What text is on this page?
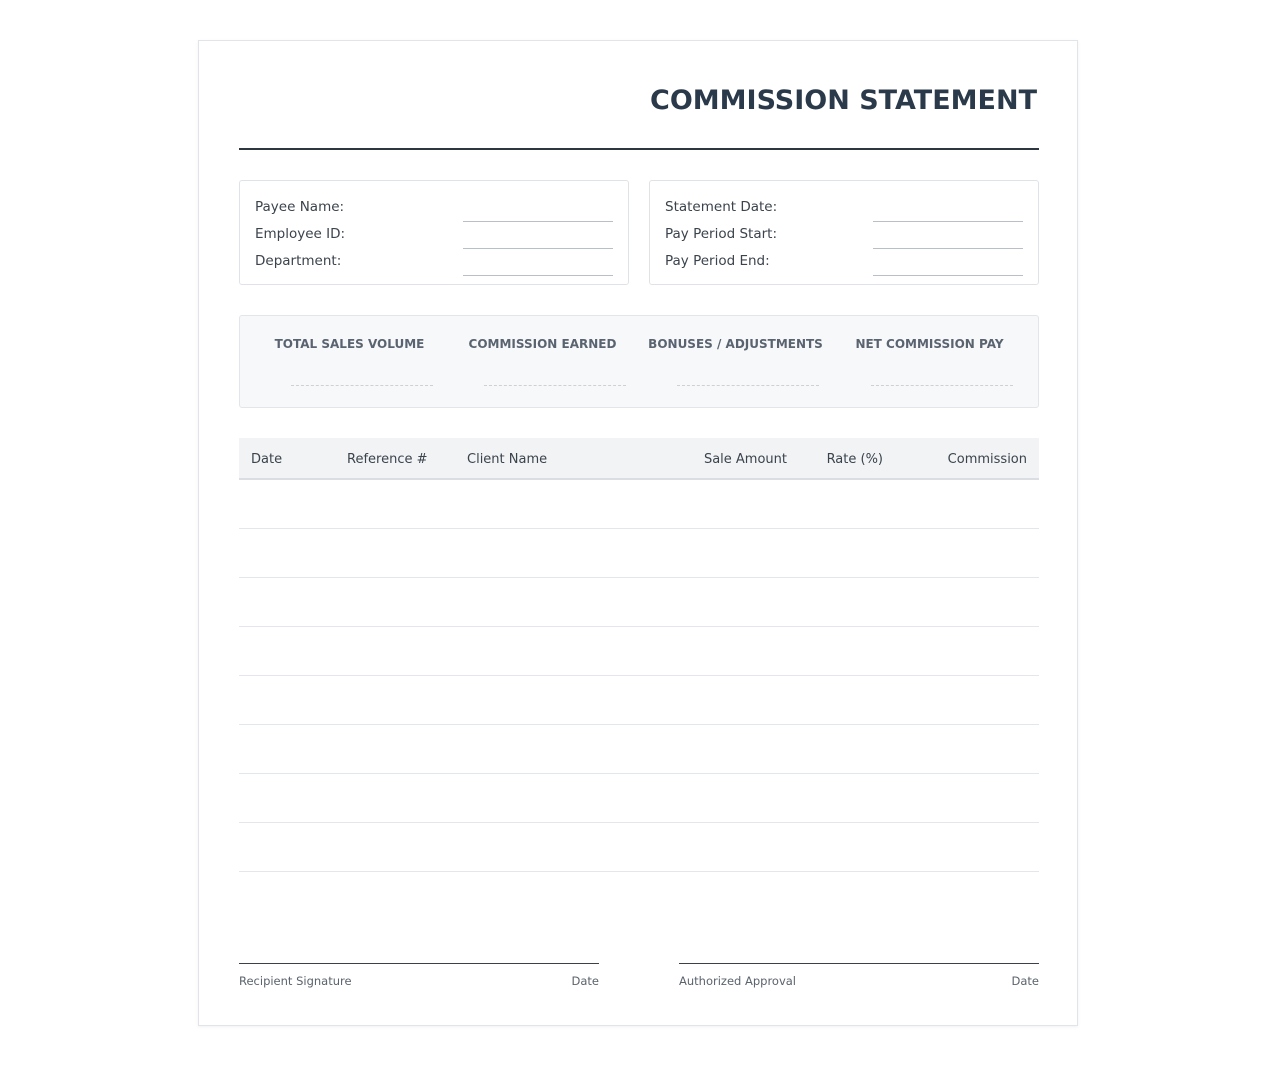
COMMISSION STATEMENT
Payee Name:
Employee ID:
Department:
Statement Date:
Pay Period Start:
Pay Period End:
TOTAL SALES VOLUME	COMMISSION EARNED	BONUSES / ADJUSTMENTS	NET COMMISSION PAY
Date	Reference #	Client Name	Sale Amount	Rate (%)	Commission
Recipient Signature	Date	Authorized Approval	Date
